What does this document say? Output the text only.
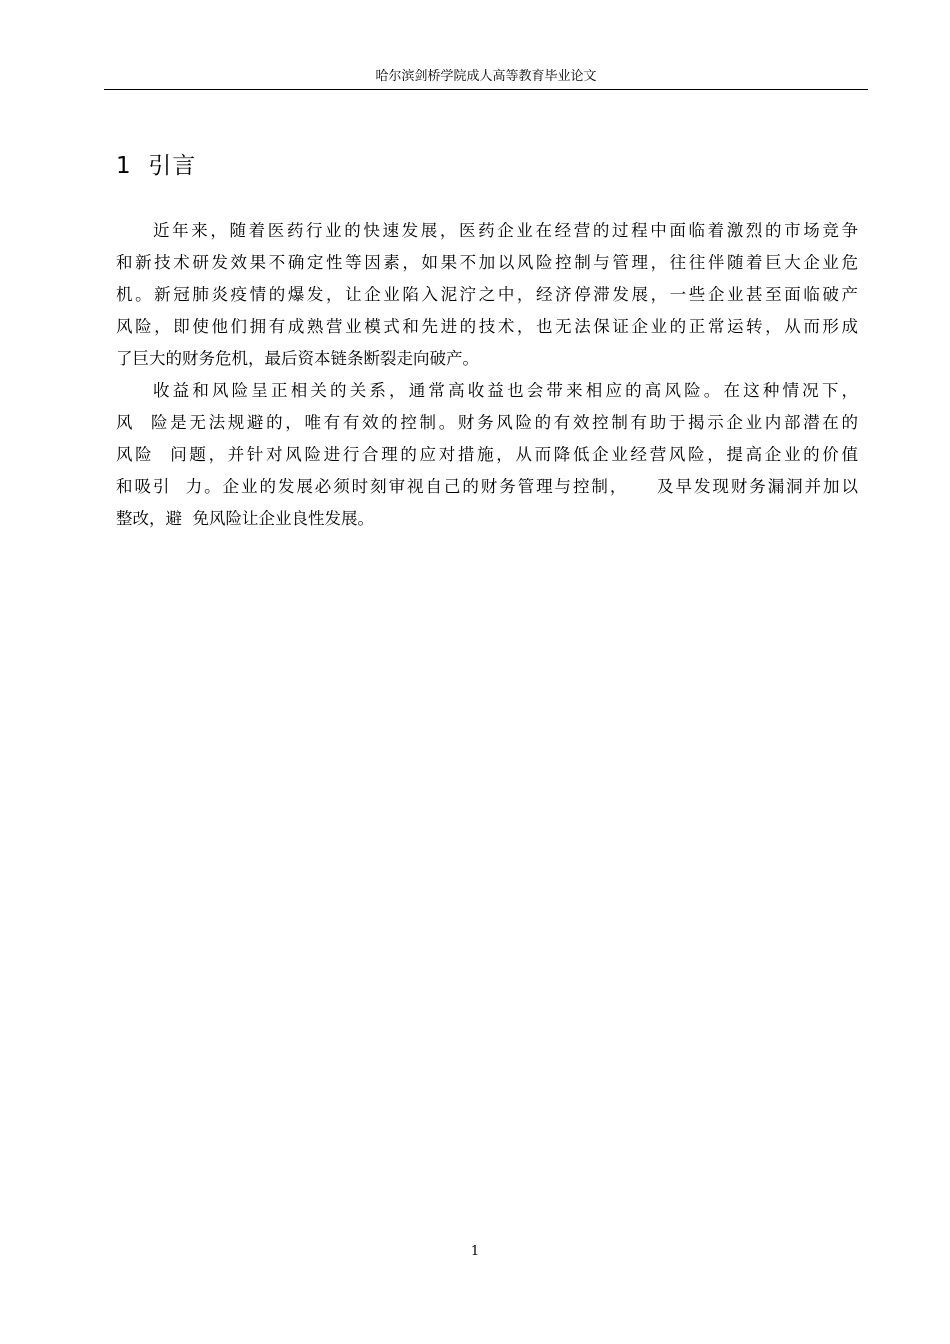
哈尔滨剑桥学院成人高等教育毕业论文
1  引言

近年来，随着医药行业的快速发展，医药企业在经营的过程中面临着激烈的市场竞争
和新技术研发效果不确定性等因素，如果不加以风险控制与管理，往往伴随着巨大企业危
机。新冠肺炎疫情的爆发，让企业陷入泥泞之中，经济停滞发展，一些企业甚至面临破产
风险，即使他们拥有成熟营业模式和先进的技术，也无法保证企业的正常运转，从而形成
了巨大的财务危机，最后资本链条断裂走向破产。

收益和风险呈正相关的关系，通常高收益也会带来相应的高风险。在这种情况下，
风  险是无法规避的，唯有有效的控制。财务风险的有效控制有助于揭示企业内部潜在的
风险  问题，并针对风险进行合理的应对措施，从而降低企业经营风险，提高企业的价值
和吸引  力。企业的发展必须时刻审视自己的财务管理与控制，    及早发现财务漏洞并加以
整改，避  免风险让企业良性发展。

1
